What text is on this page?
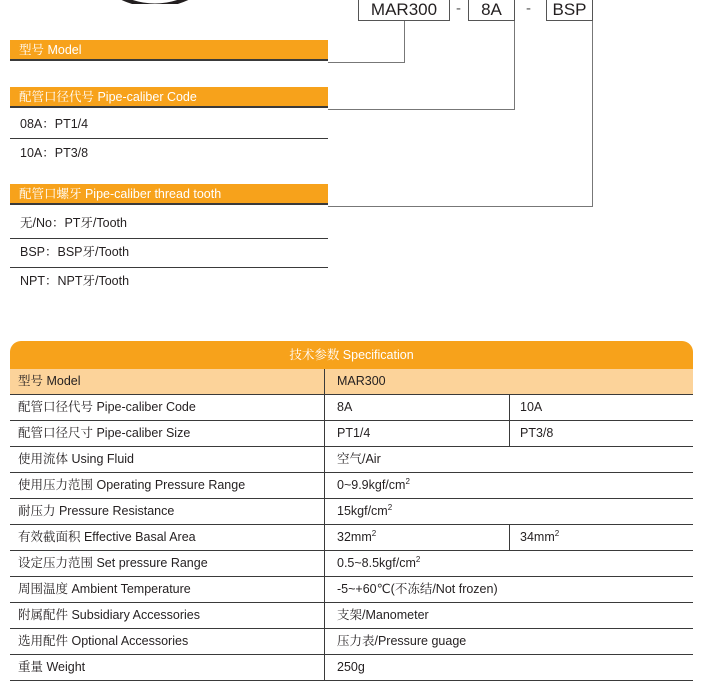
MAR300	-	8A	-	BSP
型号 Model
配管口径代号 Pipe-caliber Code
08A：PT1/4
10A：PT3/8
配管口螺牙 Pipe-caliber thread tooth
无/No：PT牙/Tooth
BSP：BSP牙/Tooth
NPT：NPT牙/Tooth
技术参数 Specification
型号 Model	MAR300
配管口径代号 Pipe-caliber Code	8A	10A
配管口径尺寸 Pipe-caliber Size	PT1/4	PT3/8
使用流体 Using Fluid	空气/Air
使用压力范围 Operating Pressure Range	$0\sim 9.9kgf/cm^2$
耐压力 Pressure Resistance	$15kgf/cm^2$
有效截面积 Effective Basal Area	$32mm^2$	$34mm^2$
设定压力范围 Set pressure Range	$0.5\sim 8.5kgf/cm^2$
周围温度 Ambient Temperature	-5~+60℃(不冻结/Not frozen)
附属配件 Subsidiary Accessories	支架/Manometer
选用配件 Optional Accessories	压力表/Pressure guage
重量 Weight	250g
